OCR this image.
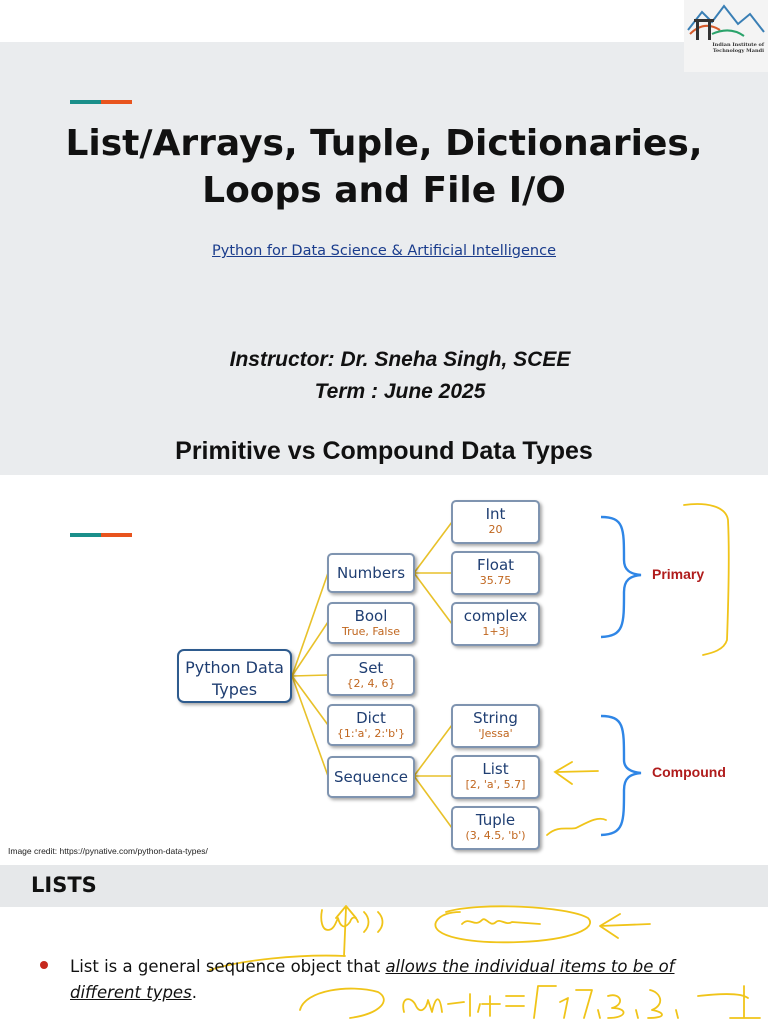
Indian Institute of Technology Mandi
List/Arrays, Tuple, Dictionaries,
Loops and File I/O
Python for Data Science & Artificial Intelligence
Instructor: Dr. Sneha Singh, SCEE
Term : June 2025
Primitive vs Compound Data Types
Python Data
Types
Numbers
Bool
True, False
Set
{2, 4, 6}
Dict
{1:'a', 2:'b'}
Sequence
Int
20
Float
35.75
complex
1+3j
String
'Jessa'
List
[2, 'a', 5.7]
Tuple
(3, 4.5, 'b')
Primary
Compound
Image credit: https://pynative.com/python-data-types/
LISTS
List is a general sequence object that allows the individual items to be of different types.
